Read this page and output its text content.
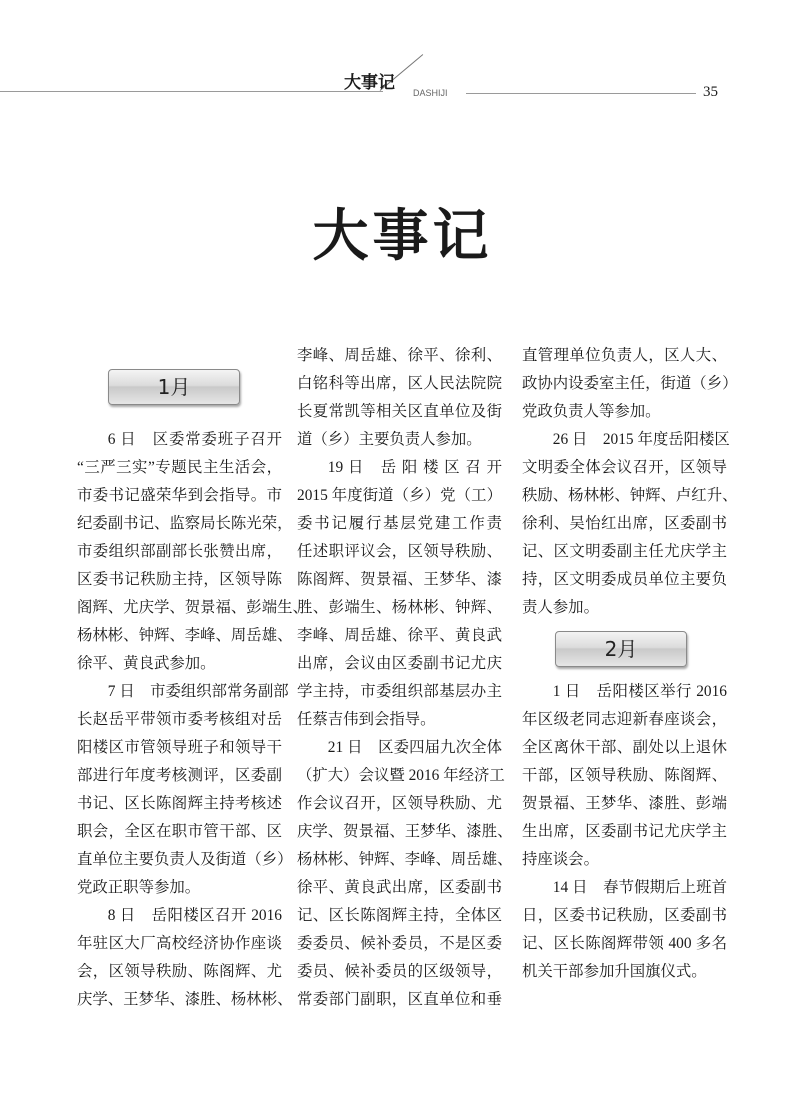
大事记 DASHIJI	35
大事记
1月
6 日　区委常委班子召开
“三严三实”专题民主生活会，
市委书记盛荣华到会指导。市
纪委副书记、监察局长陈光荣，
市委组织部副部长张赞出席，
区委书记秩励主持，区领导陈
阁辉、尤庆学、贺景福、彭端生、
杨林彬、钟辉、李峰、周岳雄、
徐平、黄良武参加。
7 日　市委组织部常务副部
长赵岳平带领市委考核组对岳
阳楼区市管领导班子和领导干
部进行年度考核测评，区委副
书记、区长陈阁辉主持考核述
职会，全区在职市管干部、区
直单位主要负责人及街道（乡）
党政正职等参加。
8 日　岳阳楼区召开 2016
年驻区大厂高校经济协作座谈
会，区领导秩励、陈阁辉、尤
庆学、王梦华、漆胜、杨林彬、
李峰、周岳雄、徐平、徐利、
白铭科等出席，区人民法院院
长夏常凯等相关区直单位及街
道（乡）主要负责人参加。
19 日　岳 阳 楼 区 召 开
2015 年度街道（乡）党（工）
委书记履行基层党建工作责
任述职评议会，区领导秩励、
陈阁辉、贺景福、王梦华、漆
胜、彭端生、杨林彬、钟辉、
李峰、周岳雄、徐平、黄良武
出席，会议由区委副书记尤庆
学主持，市委组织部基层办主
任蔡吉伟到会指导。
21 日　区委四届九次全体
（扩大）会议暨 2016 年经济工
作会议召开，区领导秩励、尤
庆学、贺景福、王梦华、漆胜、
杨林彬、钟辉、李峰、周岳雄、
徐平、黄良武出席，区委副书
记、区长陈阁辉主持，全体区
委委员、候补委员，不是区委
委员、候补委员的区级领导，
常委部门副职，区直单位和垂
直管理单位负责人，区人大、
政协内设委室主任，街道（乡）
党政负责人等参加。
26 日　2015 年度岳阳楼区
文明委全体会议召开，区领导
秩励、杨林彬、钟辉、卢红升、
徐利、吴怡红出席，区委副书
记、区文明委副主任尤庆学主
持，区文明委成员单位主要负
责人参加。
2月
1 日　岳阳楼区举行 2016
年区级老同志迎新春座谈会，
全区离休干部、副处以上退休
干部，区领导秩励、陈阁辉、
贺景福、王梦华、漆胜、彭端
生出席，区委副书记尤庆学主
持座谈会。
14 日　春节假期后上班首
日，区委书记秩励，区委副书
记、区长陈阁辉带领 400 多名
机关干部参加升国旗仪式。
